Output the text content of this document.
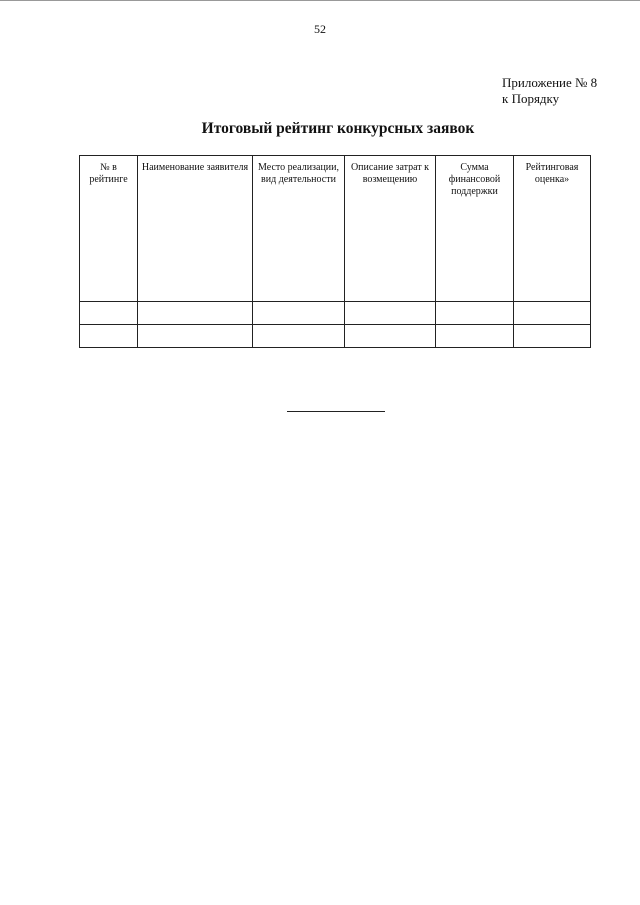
52
Приложение № 8
к Порядку
Итоговый рейтинг конкурсных заявок
№ в рейтинге	Наименование заявителя	Место реализации, вид деятельности	Описание затрат к возмещению	Сумма финансовой поддержки	Рейтинговая оценка»
